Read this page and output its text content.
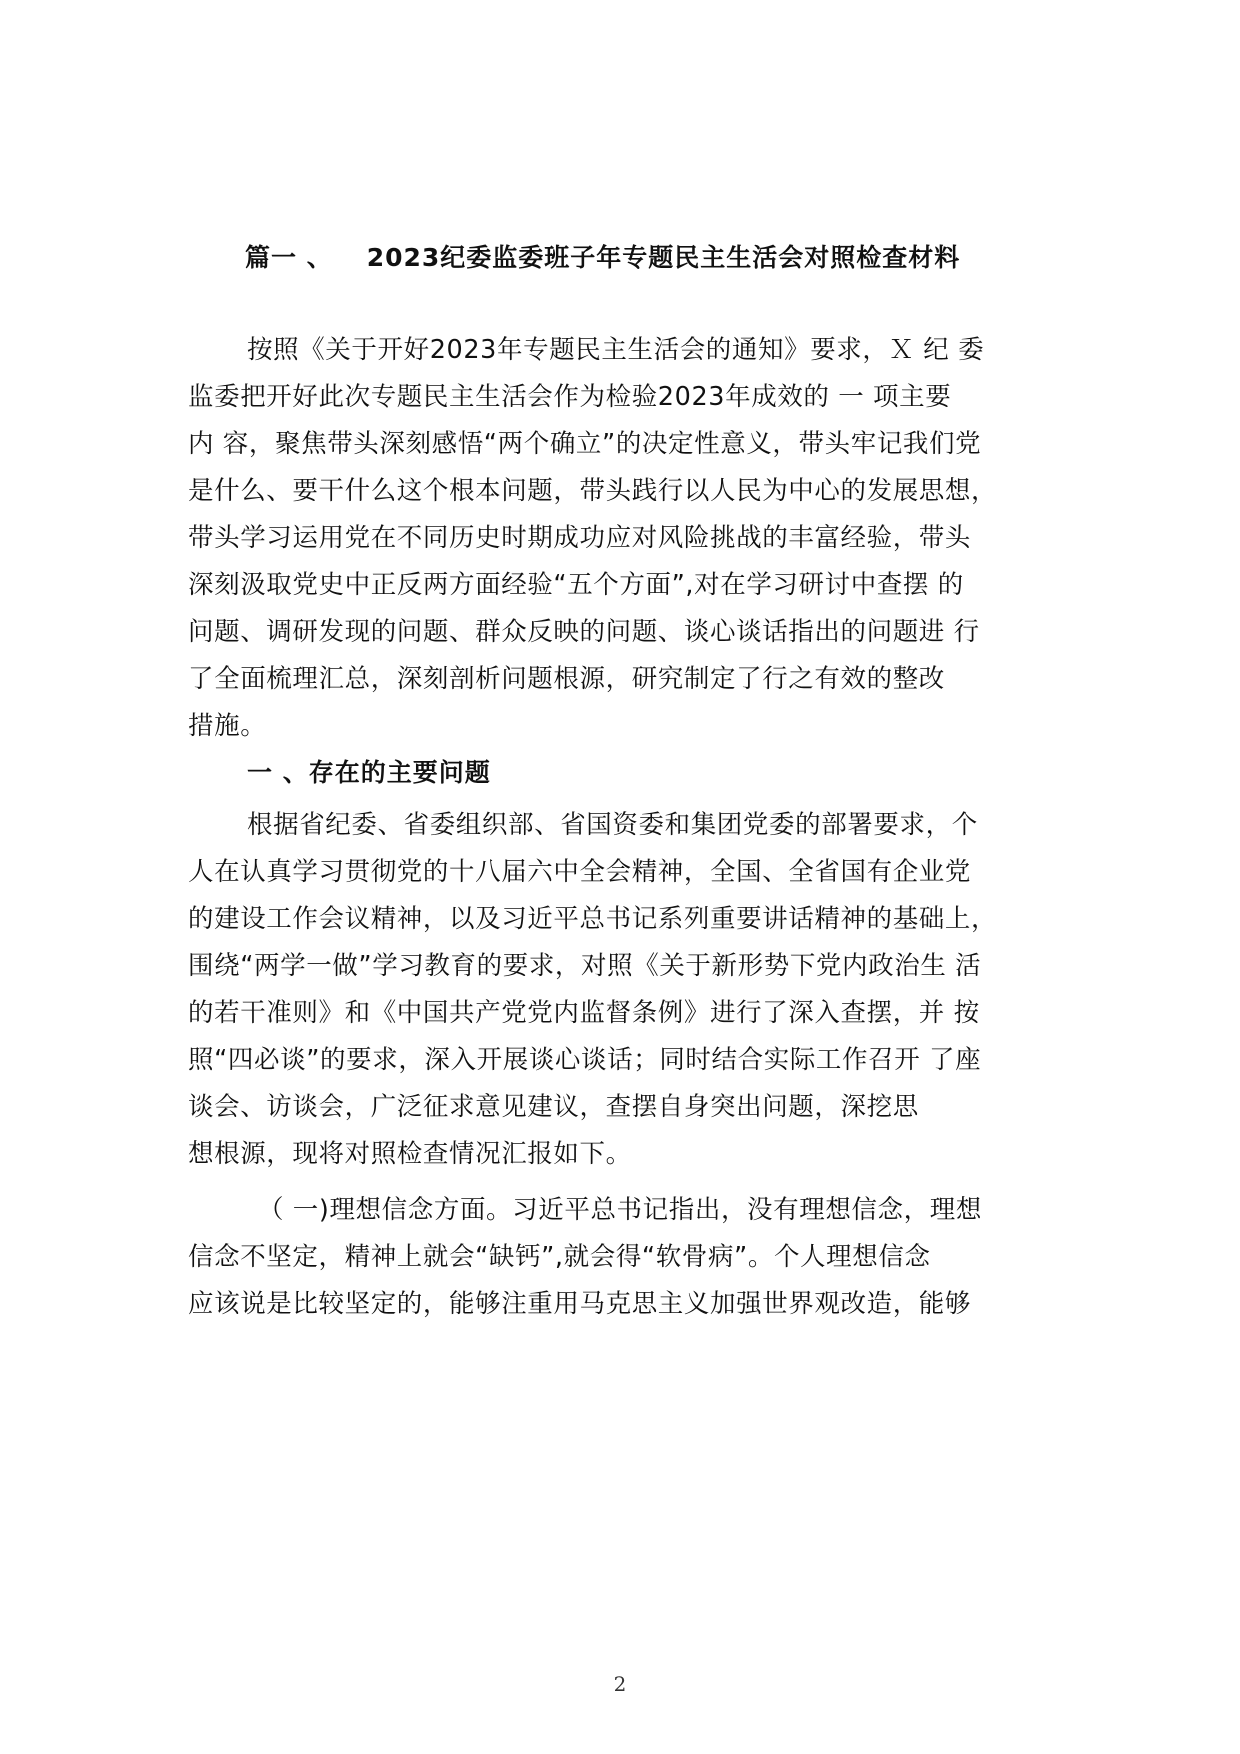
篇一 、 2023纪委监委班子年专题民主生活会对照检查材料
按照《关于开好2023年专题民主生活会的通知》要求，Ｘ 纪 委
监委把开好此次专题民主生活会作为检验2023年成效的 一 项主要
内 容，聚焦带头深刻感悟“两个确立”的决定性意义，带头牢记我们党
是什么、要干什么这个根本问题，带头践行以人民为中心的发展思想，
带头学习运用党在不同历史时期成功应对风险挑战的丰富经验，带头
深刻汲取党史中正反两方面经验“五个方面”,对在学习研讨中查摆 的
问题、调研发现的问题、群众反映的问题、谈心谈话指出的问题进 行
了全面梳理汇总，深刻剖析问题根源，研究制定了行之有效的整改
措施。
一 、存在的主要问题
根据省纪委、省委组织部、省国资委和集团党委的部署要求，个
人在认真学习贯彻党的十八届六中全会精神，全国、全省国有企业党
的建设工作会议精神，以及习近平总书记系列重要讲话精神的基础上，
围绕“两学一做”学习教育的要求，对照《关于新形势下党内政治生 活
的若干准则》和《中国共产党党内监督条例》进行了深入查摆，并 按
照“四必谈”的要求，深入开展谈心谈话；同时结合实际工作召开 了座
谈会、访谈会，广泛征求意见建议，查摆自身突出问题，深挖思
想根源，现将对照检查情况汇报如下。
（ 一)理想信念方面。习近平总书记指出，没有理想信念，理想
信念不坚定，精神上就会“缺钙”,就会得“软骨病”。个人理想信念
应该说是比较坚定的，能够注重用马克思主义加强世界观改造，能够
2
